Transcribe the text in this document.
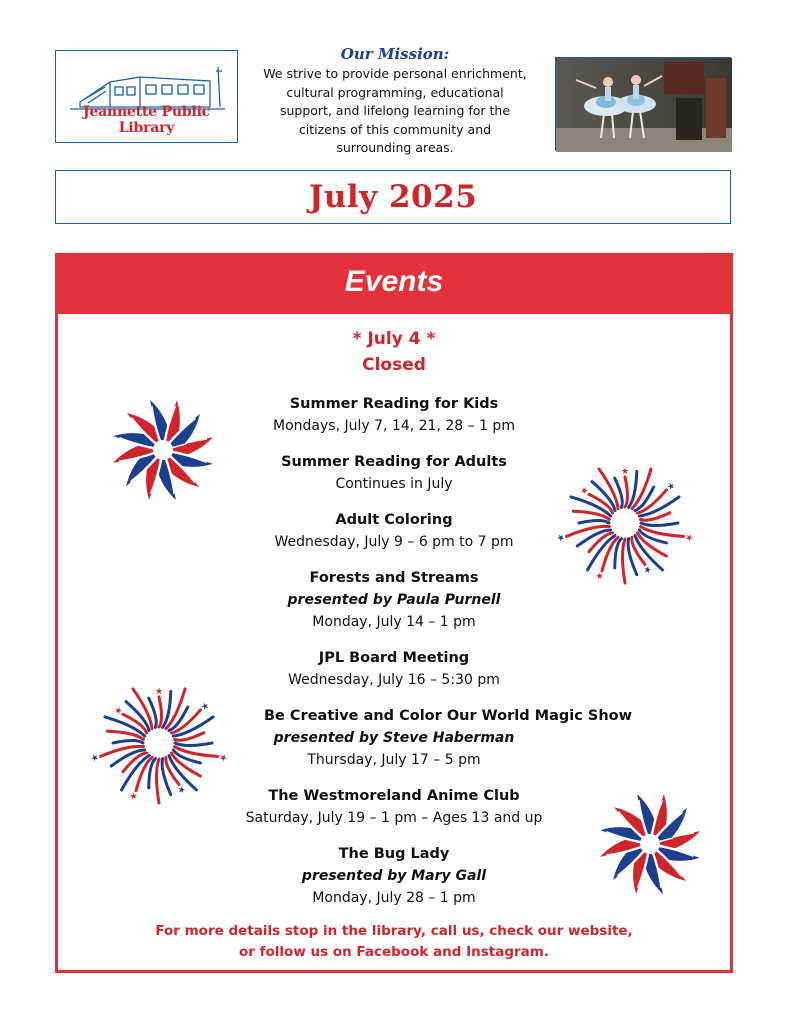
Jeannette Public Library
Our Mission:
We strive to provide personal enrichment,
cultural programming, educational
support, and lifelong learning for the
citizens of this community and
surrounding areas.
July 2025
Events
* July 4 *
Closed
Summer Reading for Kids
Mondays, July 7, 14, 21, 28 – 1 pm
Summer Reading for Adults
Continues in July
Adult Coloring
Wednesday, July 9 – 6 pm to 7 pm
Forests and Streams
presented by Paula Purnell
Monday, July 14 – 1 pm
JPL Board Meeting
Wednesday, July 16 – 5:30 pm
Be Creative and Color Our World Magic Show
presented by Steve Haberman
Thursday, July 17 – 5 pm
The Westmoreland Anime Club
Saturday, July 19 – 1 pm – Ages 13 and up
The Bug Lady
presented by Mary Gall
Monday, July 28 – 1 pm
For more details stop in the library, call us, check our website,
or follow us on Facebook and Instagram.
★
★
★
★
★
★
★
★
★
★
★
★
★
★
